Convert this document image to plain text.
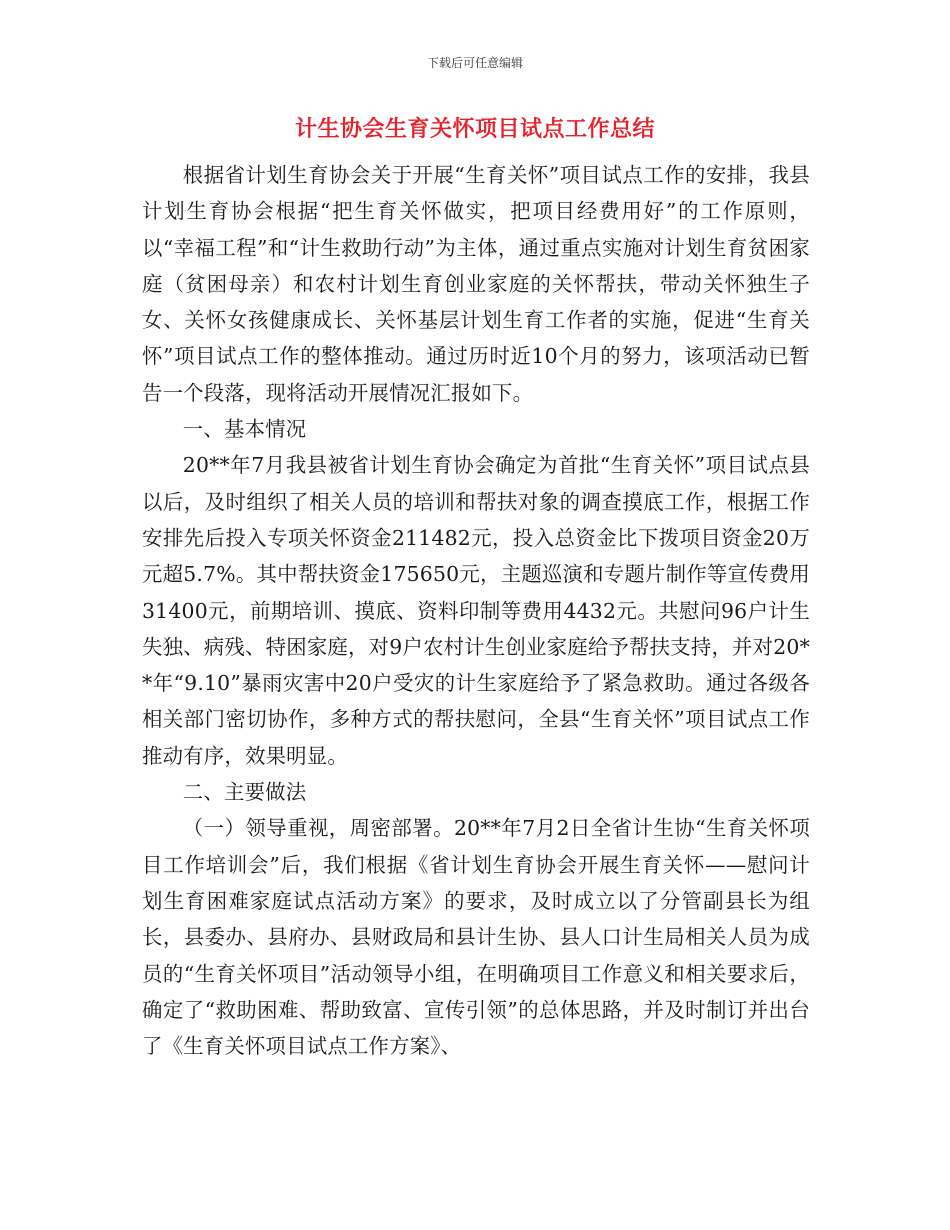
下载后可任意编辑
计生协会生育关怀项目试点工作总结

根据省计划生育协会关于开展“生育关怀”项目试点工作的安排，我县计划生育协会根据“把生育关怀做实，把项目经费用好”的工作原则，以“幸福工程”和“计生救助行动”为主体，通过重点实施对计划生育贫困家庭（贫困母亲）和农村计划生育创业家庭的关怀帮扶，带动关怀独生子女、关怀女孩健康成长、关怀基层计划生育工作者的实施，促进“生育关怀”项目试点工作的整体推动。通过历时近10个月的努力，该项活动已暂告一个段落，现将活动开展情况汇报如下。

一、基本情况

20**年7月我县被省计划生育协会确定为首批“生育关怀”项目试点县以后，及时组织了相关人员的培训和帮扶对象的调查摸底工作，根据工作安排先后投入专项关怀资金211482元，投入总资金比下拨项目资金20万元超5.7%。其中帮扶资金175650元，主题巡演和专题片制作等宣传费用31400元，前期培训、摸底、资料印制等费用4432元。共慰问96户计生失独、病残、特困家庭，对9户农村计生创业家庭给予帮扶支持，并对20**年“9.10”暴雨灾害中20户受灾的计生家庭给予了紧急救助。通过各级各相关部门密切协作，多种方式的帮扶慰问，全县“生育关怀”项目试点工作推动有序，效果明显。

二、主要做法

（一）领导重视，周密部署。20**年7月2日全省计生协“生育关怀项目工作培训会”后，我们根据《省计划生育协会开展生育关怀——慰问计划生育困难家庭试点活动方案》的要求，及时成立以了分管副县长为组长，县委办、县府办、县财政局和县计生协、县人口计生局相关人员为成员的“生育关怀项目”活动领导小组，在明确项目工作意义和相关要求后，确定了“救助困难、帮助致富、宣传引领”的总体思路，并及时制订并出台了《生育关怀项目试点工作方案》、
